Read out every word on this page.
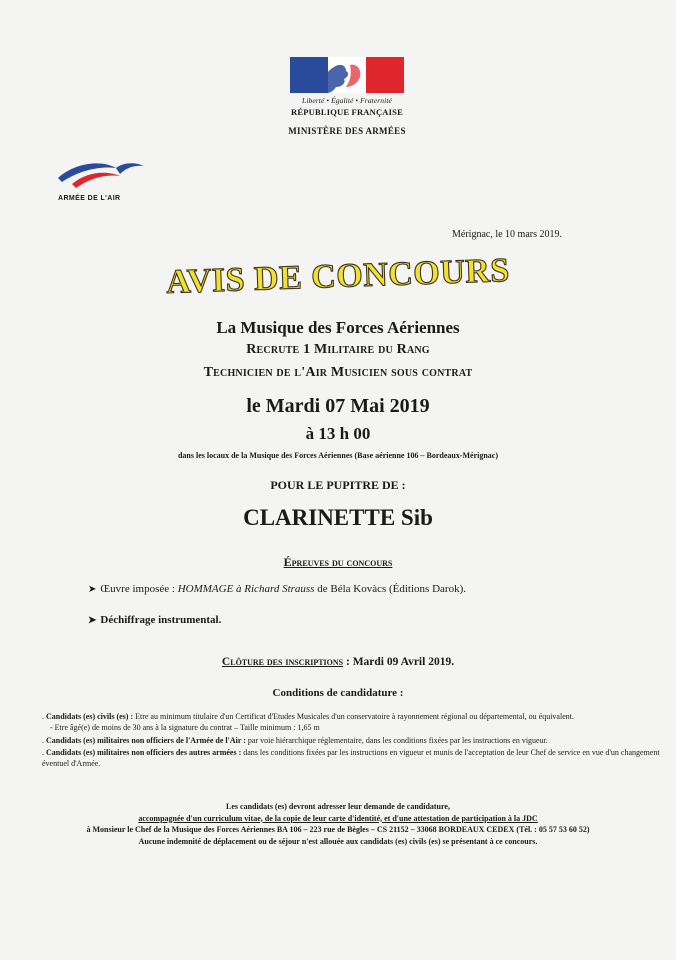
Liberté • Égalité • Fraternité
RÉPUBLIQUE FRANÇAISE
MINISTÈRE DES ARMÉES
ARMÉE DE L'AIR
Mérignac, le 10 mars 2019.
AVIS DE CONCOURS
La Musique des Forces Aériennes
Recrute 1 Militaire du Rang
Technicien de l'Air Musicien sous contrat
le Mardi 07 Mai 2019
à 13 h 00
dans les locaux de la Musique des Forces Aériennes (Base aérienne 106 – Bordeaux-Mérignac)
POUR LE PUPITRE DE :
CLARINETTE Sib
Épreuves du concours
➤ Œuvre imposée : HOMMAGE à Richard Strauss de Béla Kovàcs (Éditions Darok).
➤ Déchiffrage instrumental.
Clôture des inscriptions : Mardi 09 Avril 2019.
Conditions de candidature :
. Candidats (es) civils (es) : Etre au minimum titulaire d'un Certificat d'Etudes Musicales d'un conservatoire à rayonnement régional ou départemental, ou équivalent.
- Etre âgé(e) de moins de 30 ans à la signature du contrat – Taille minimum : 1,65 m
. Candidats (es) militaires non officiers de l'Armée de l'Air : par voie hiérarchique réglementaire, dans les conditions fixées par les instructions en vigueur.
. Candidats (es) militaires non officiers des autres armées : dans les conditions fixées par les instructions en vigueur et munis de l'acceptation de leur Chef de service en vue d'un changement éventuel d'Armée.
Les candidats (es) devront adresser leur demande de candidature,
accompagnée d'un curriculum vitae, de la copie de leur carte d'identité, et d'une attestation de participation à la JDC
à Monsieur le Chef de la Musique des Forces Aériennes BA 106 – 223 rue de Bègles – CS 21152 – 33068 BORDEAUX CEDEX (Tél. : 05 57 53 60 52)
Aucune indemnité de déplacement ou de séjour n'est allouée aux candidats (es) civils (es) se présentant à ce concours.
